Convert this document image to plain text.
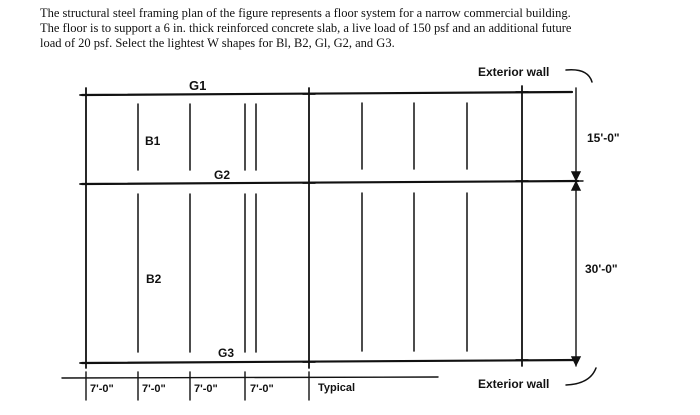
The structural steel framing plan of the figure represents a floor system for a narrow commercial building.

The floor is to support a 6 in. thick reinforced concrete slab, a live load of 150 psf and an additional future

load of 20 psf. Select the lightest W shapes for Bl, B2, Gl, G2, and G3.

G1
G2
G3
B1
B2
Exterior wall
Exterior wall
15'-0"
30'-0"
7'-0"	7'-0"	7'-0"	7'-0"	Typical
